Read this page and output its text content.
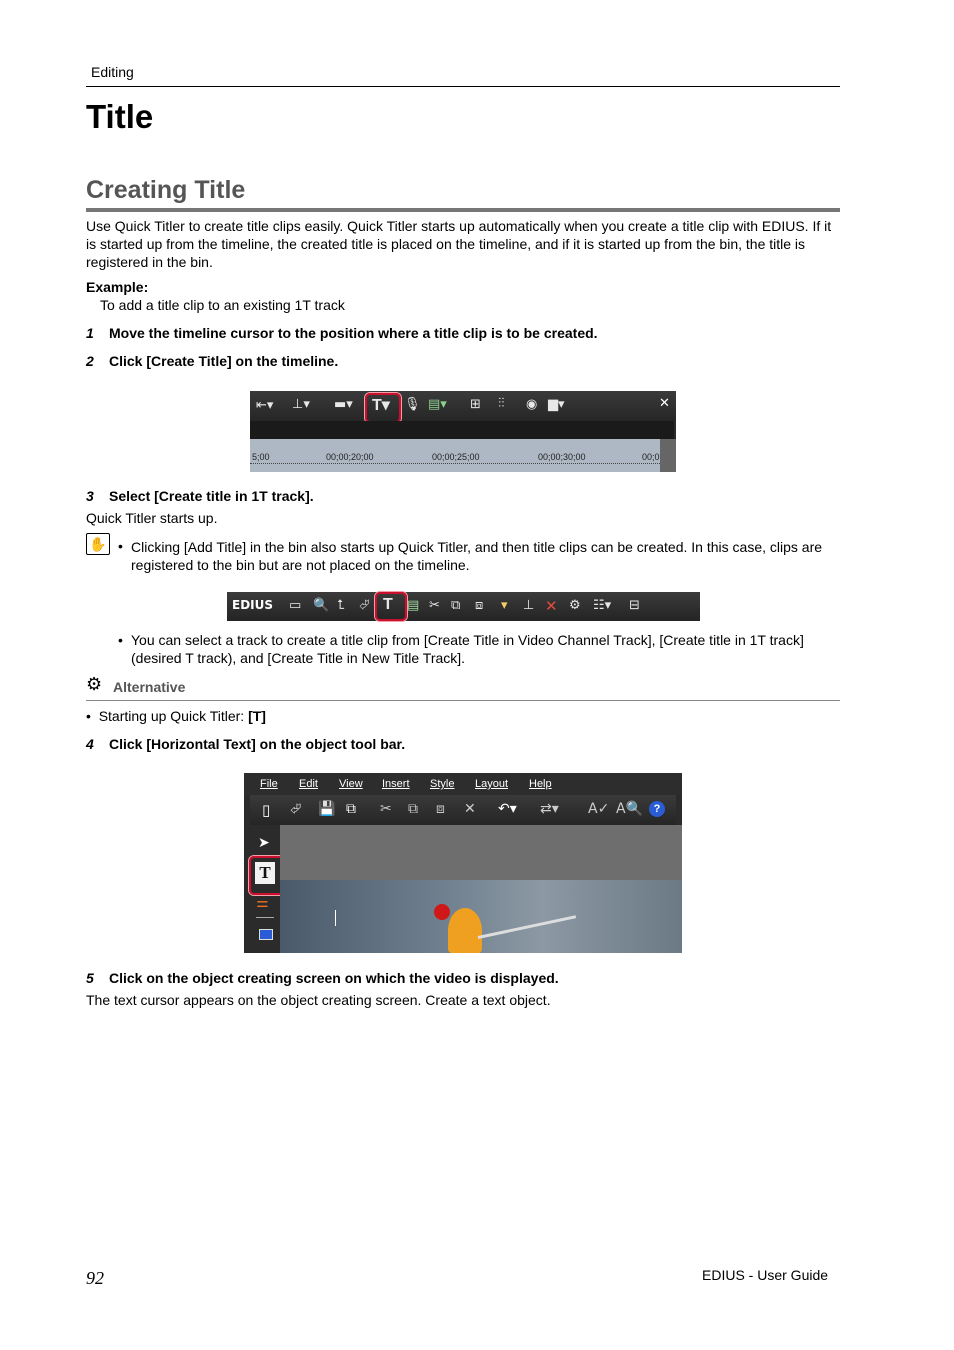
Editing
Title
Creating Title
Use Quick Titler to create title clips easily. Quick Titler starts up automatically when you create a title clip with EDIUS. If it is started up from the timeline, the created title is placed on the timeline, and if it is started up from the bin, the title is registered in the bin.
Example:
To add a title clip to an existing 1T track
1 Move the timeline cursor to the position where a title clip is to be created.
2 Click [Create Title] on the timeline.
⇤▾ ⊥▾ ▬▾ T▾ 🎙 ▤▾ ⊞ ⫶⫶ ◉ ▆▾	✕
5;00	00;00;20;00	00;00;25;00	00;00;30;00	00;0
3 Select [Create title in 1T track].
Quick Titler starts up.
✋ • Clicking [Add Title] in the bin also starts up Quick Titler, and then title clips can be created. In this case, clips are registered to the bin but are not placed on the timeline.
EDIUS ▭ 🔍 ⮤ ⮰ T ▤ ✂ ⧉ ⧈ ▾ ⊥ ✕ ⚙ ☷▾ ⊟
• You can select a track to create a title clip from [Create Title in Video Channel Track], [Create title in 1T track] (desired T track), and [Create Title in New Title Track].
⚙ Alternative
•  Starting up Quick Titler: [T]
4 Click [Horizontal Text] on the object tool bar.
File Edit View Insert Style Layout Help
▯ ⮰ 💾 ⧉ ✂ ⧉ ⧈ ✕ ↶▾ ⇄▾ A✓ A🔍 ?
➤
T
⚌
5 Click on the object creating screen on which the video is displayed.
The text cursor appears on the object creating screen. Create a text object.
92	EDIUS - User Guide
